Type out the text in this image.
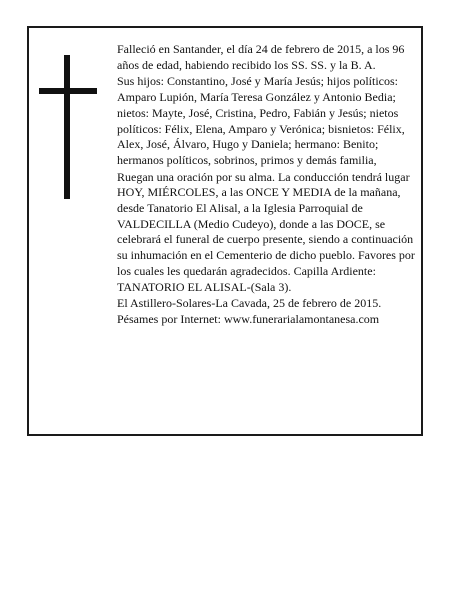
Falleció en Santander, el día 24 de febrero de 2015, a los 96 años de edad, habiendo recibido los SS. SS. y la B. A.

Sus hijos: Constantino, José y María Jesús; hijos políticos: Amparo Lupión, María Teresa González y Antonio Bedia; nietos: Mayte, José, Cristina, Pedro, Fabián y Jesús; nietos políticos: Félix, Elena, Amparo y Verónica; bisnietos: Félix, Alex, José, Álvaro, Hugo y Daniela; hermano: Benito; hermanos políticos, sobrinos, primos y demás familia,

Ruegan una oración por su alma. La conducción tendrá lugar HOY, MIÉRCOLES, a las ONCE Y MEDIA de la mañana, desde Tanatorio El Alisal, a la Iglesia Parroquial de VALDECILLA (Medio Cudeyo), donde a las DOCE, se celebrará el funeral de cuerpo presente, siendo a continuación su inhumación en el Cementerio de dicho pueblo. Favores por los cuales les quedarán agradecidos. Capilla Ardiente: TANATORIO EL ALISAL-(Sala 3).

El Astillero-Solares-La Cavada, 25 de febrero de 2015. Pésames por Internet: www.funerarialamontanesa.com
